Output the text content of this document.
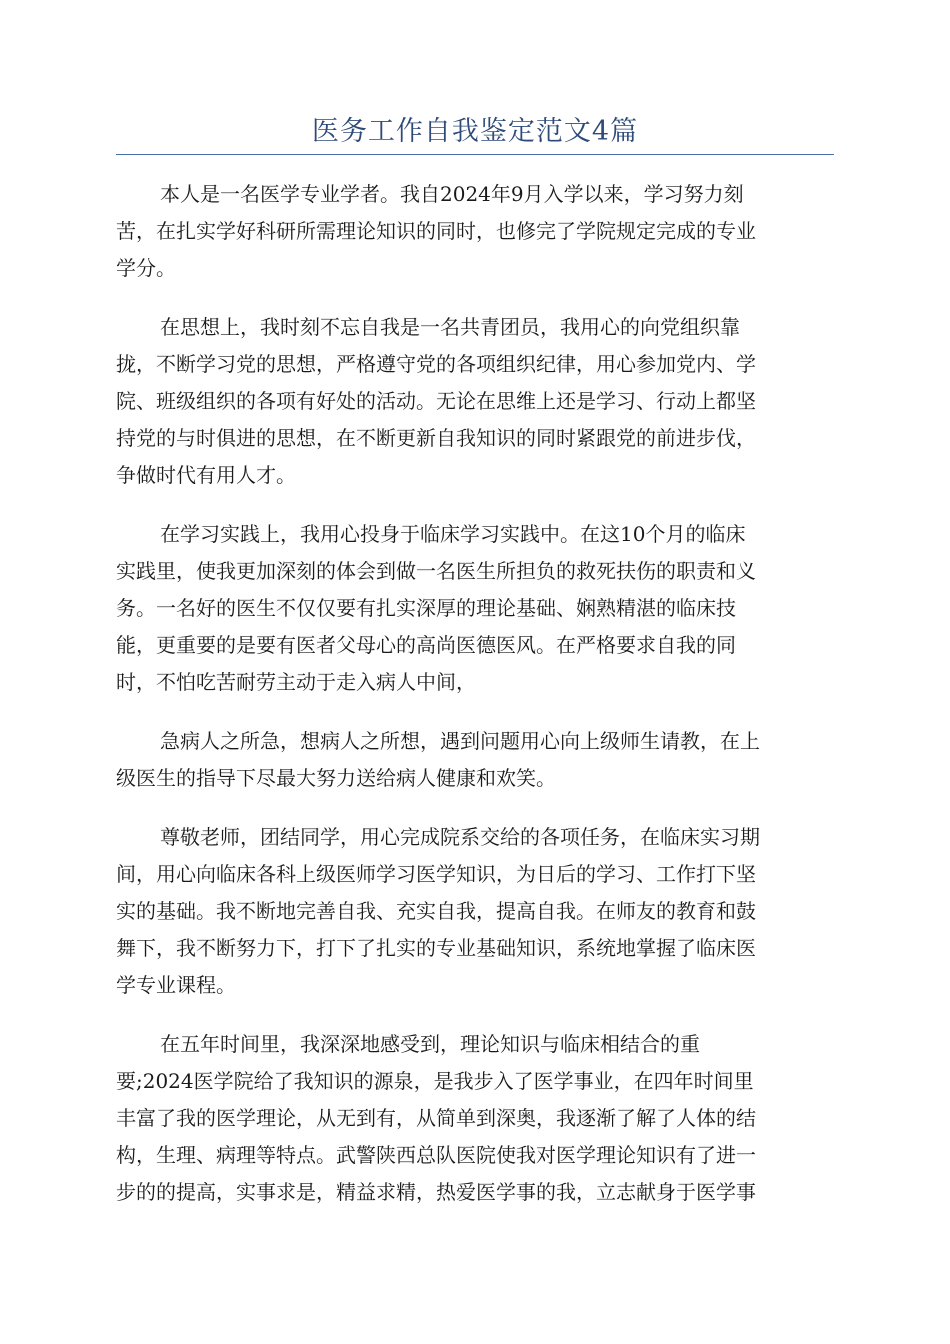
医务工作自我鉴定范文4篇
本人是一名医学专业学者。我自2024年9月入学以来，学习努力刻
苦，在扎实学好科研所需理论知识的同时，也修完了学院规定完成的专业
学分。
在思想上，我时刻不忘自我是一名共青团员，我用心的向党组织靠
拢，不断学习党的思想，严格遵守党的各项组织纪律，用心参加党内、学
院、班级组织的各项有好处的活动。无论在思维上还是学习、行动上都坚
持党的与时俱进的思想，在不断更新自我知识的同时紧跟党的前进步伐，
争做时代有用人才。
在学习实践上，我用心投身于临床学习实践中。在这10个月的临床
实践里，使我更加深刻的体会到做一名医生所担负的救死扶伤的职责和义
务。一名好的医生不仅仅要有扎实深厚的理论基础、娴熟精湛的临床技
能，更重要的是要有医者父母心的高尚医德医风。在严格要求自我的同
时，不怕吃苦耐劳主动于走入病人中间，
急病人之所急，想病人之所想，遇到问题用心向上级师生请教，在上
级医生的指导下尽最大努力送给病人健康和欢笑。
尊敬老师，团结同学，用心完成院系交给的各项任务，在临床实习期
间，用心向临床各科上级医师学习医学知识，为日后的学习、工作打下坚
实的基础。我不断地完善自我、充实自我，提高自我。在师友的教育和鼓
舞下，我不断努力下，打下了扎实的专业基础知识，系统地掌握了临床医
学专业课程。
在五年时间里，我深深地感受到，理论知识与临床相结合的重
要;2024医学院给了我知识的源泉，是我步入了医学事业，在四年时间里
丰富了我的医学理论，从无到有，从简单到深奥，我逐渐了解了人体的结
构，生理、病理等特点。武警陕西总队医院使我对医学理论知识有了进一
步的的提高，实事求是，精益求精，热爱医学事的我，立志献身于医学事
